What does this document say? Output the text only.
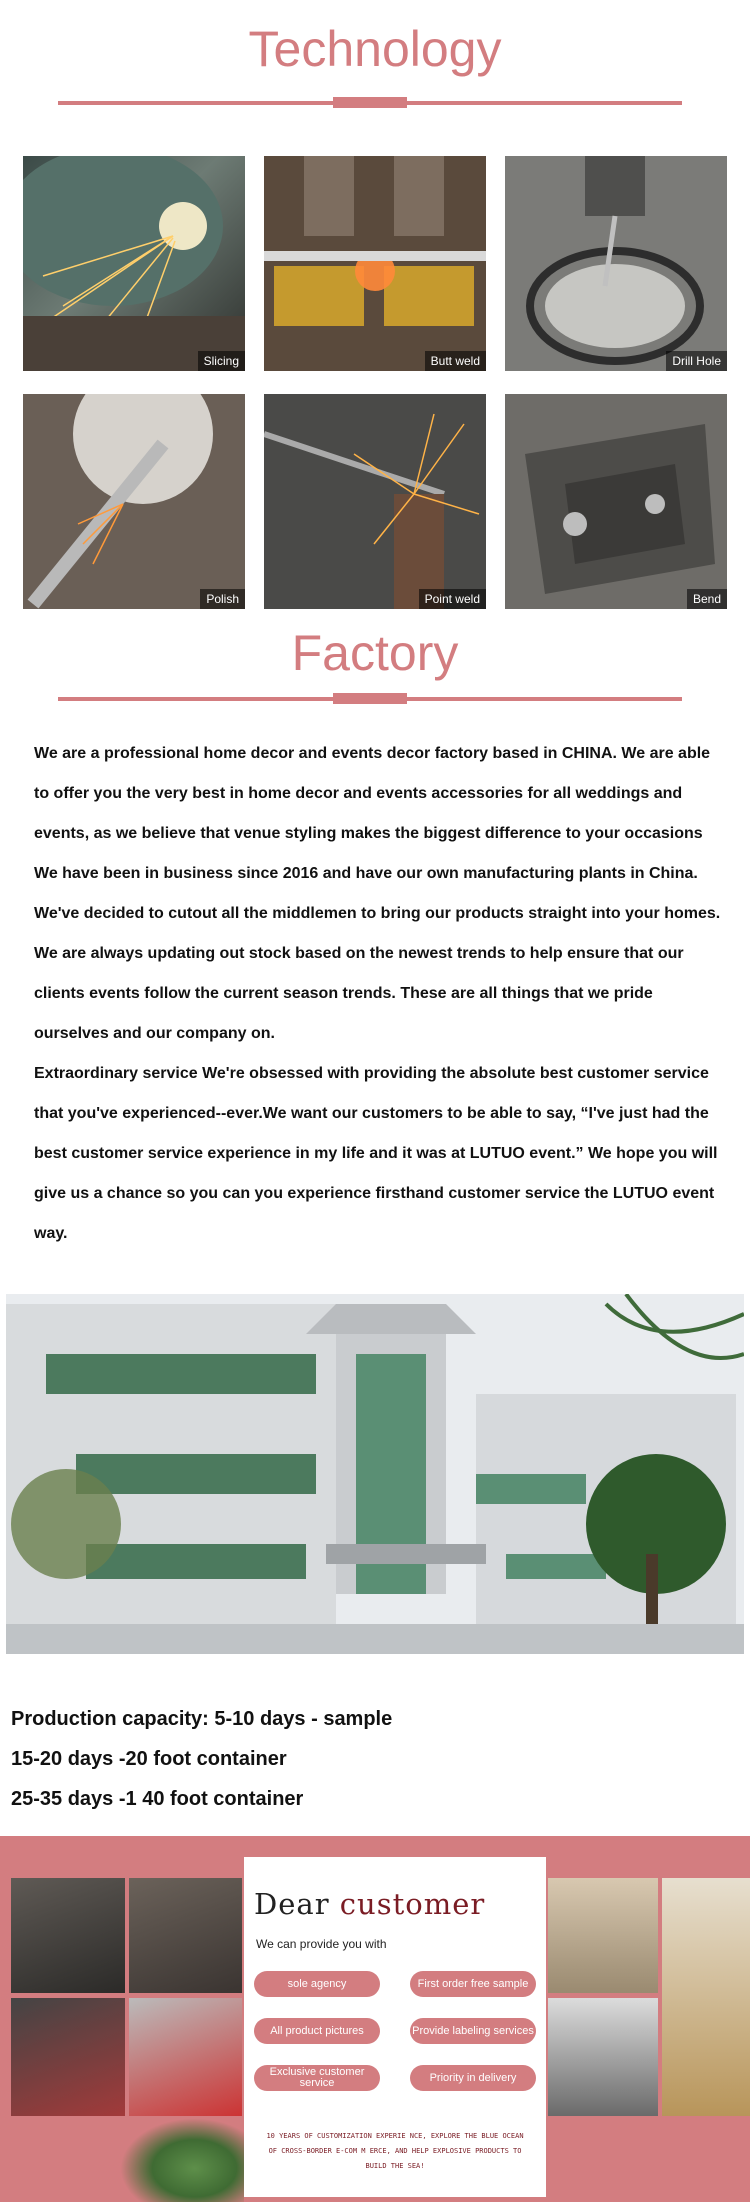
Technology
Slicing	Butt weld	Drill Hole
Polish	Point weld	Bend
Factory

We are a professional home decor and events decor factory based in CHINA. We are able to offer you the very best in home decor and events accessories for all weddings and events, as we believe that venue styling makes the biggest difference to your occasions We have been in business since 2016 and have our own manufacturing plants in China. We've decided to cutout all the middlemen to bring our products straight into your homes. We are always updating out stock based on the newest trends to help ensure that our clients events follow the current season trends. These are all things that we pride ourselves and our company on.

Extraordinary service We're obsessed with providing the absolute best customer service that you've experienced--ever.We want our customers to be able to say, “I've just had the best customer service experience in my life and it was at LUTUO event.” We hope you will give us a chance so you can you experience firsthand customer service the LUTUO event way.

Production capacity: 5-10 days - sample
15-20 days -20 foot container
25-35 days -1 40 foot container
Dear customer
We can provide you with
sole agency	First order free sample
All product pictures	Provide labeling services
Exclusive customer service	Priority in delivery
10 YEARS OF CUSTOMIZATION EXPERIE NCE, EXPLORE THE BLUE OCEAN OF CROSS-BORDER E-COM M ERCE, AND HELP EXPLOSIVE PRODUCTS TO BUILD THE SEA!
